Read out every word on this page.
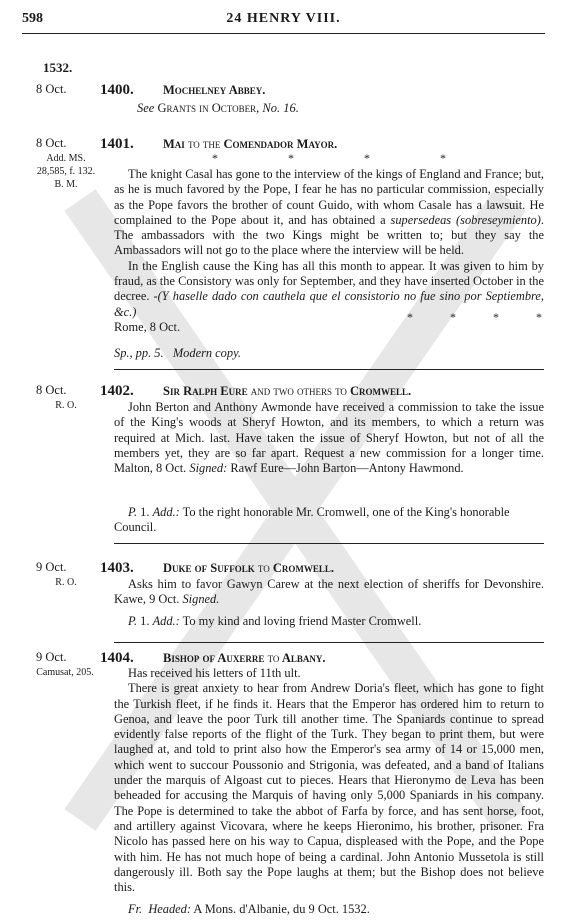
598	24 HENRY VIII.
1532.
8 Oct.	1400. Mochelney Abbey.
See Grants in October, No. 16.
8 Oct.
Add. MS.
28,585, f. 132.
B. M.
1401. Mai to the Comendador Mayor.
*	*	*	*

The knight Casal has gone to the interview of the kings of England and France; but, as he is much favored by the Pope, I fear he has no particular commission, especially as the Pope favors the brother of count Guido, with whom Casale has a lawsuit. He complained to the Pope about it, and has obtained a supersedeas (sobreseymiento). The ambassadors with the two Kings might be written to; but they say the Ambassadors will not go to the place where the interview will be held.

In the English cause the King has all this month to appear. It was given to him by fraud, as the Consistory was only for September, and they have inserted October in the decree. -(Y haselle dado con cauthela que el consistorio no fue sino por Septiembre, &c.)

Rome, 8 Oct.

*	*	*	*
Sp., pp. 5. Modern copy.
8 Oct.
R. O.
1402. Sir Ralph Eure and two others to Cromwell.

John Berton and Anthony Awmonde have received a commission to take the issue of the King's woods at Sheryf Howton, and its members, to which a return was required at Mich. last. Have taken the issue of Sheryf Howton, but not of all the members yet, they are so far apart. Request a new commission for a longer time. Malton, 8 Oct. Signed: Rawf Eure—John Barton—Antony Hawmond.

P. 1. Add.: To the right honorable Mr. Cromwell, one of the King's honorable Council.
9 Oct.
R. O.
1403. Duke of Suffolk to Cromwell.

Asks him to favor Gawyn Carew at the next election of sheriffs for Devonshire. Kawe, 9 Oct. Signed.

P. 1. Add.: To my kind and loving friend Master Cromwell.
9 Oct.
Camusat, 205.
1404. Bishop of Auxerre to Albany.

Has received his letters of 11th ult.

There is great anxiety to hear from Andrew Doria's fleet, which has gone to fight the Turkish fleet, if he finds it. Hears that the Emperor has ordered him to return to Genoa, and leave the poor Turk till another time. The Spaniards continue to spread evidently false reports of the flight of the Turk. They began to print them, but were laughed at, and told to print also how the Emperor's sea army of 14 or 15,000 men, which went to succour Poussonio and Strigonia, was defeated, and a band of Italians under the marquis of Algoast cut to pieces. Hears that Hieronymo de Leva has been beheaded for accusing the Marquis of having only 5,000 Spaniards in his company. The Pope is determined to take the abbot of Farfa by force, and has sent horse, foot, and artillery against Vicovara, where he keeps Hieronimo, his brother, prisoner. Fra Nicolo has passed here on his way to Capua, displeased with the Pope, and the Pope with him. He has not much hope of being a cardinal. John Antonio Mussetola is still dangerously ill. Both say the Pope laughs at them; but the Bishop does not believe this.

Fr. Headed: A Mons. d'Albanie, du 9 Oct. 1532.
